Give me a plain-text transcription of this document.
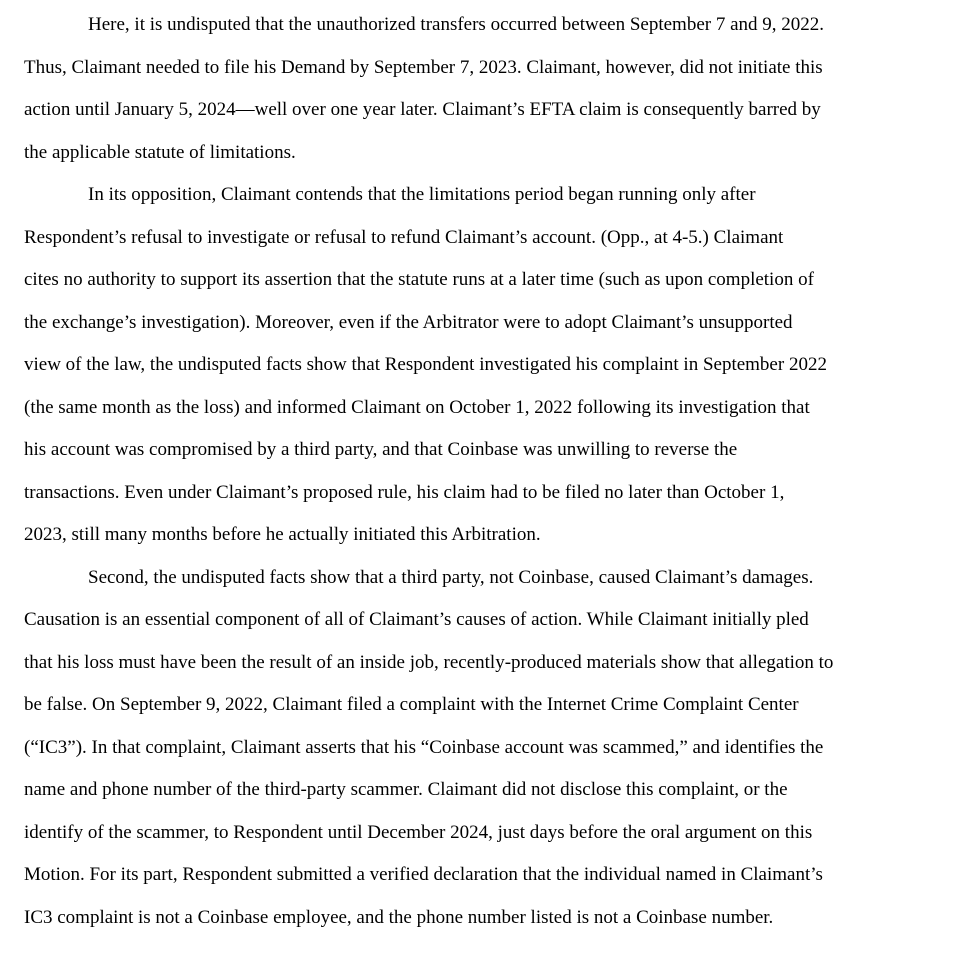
Here, it is undisputed that the unauthorized transfers occurred between September 7 and 9, 2022.
Thus, Claimant needed to file his Demand by September 7, 2023. Claimant, however, did not initiate this
action until January 5, 2024—well over one year later. Claimant’s EFTA claim is consequently barred by
the applicable statute of limitations.

In its opposition, Claimant contends that the limitations period began running only after
Respondent’s refusal to investigate or refusal to refund Claimant’s account. (Opp., at 4-5.) Claimant
cites no authority to support its assertion that the statute runs at a later time (such as upon completion of
the exchange’s investigation). Moreover, even if the Arbitrator were to adopt Claimant’s unsupported
view of the law, the undisputed facts show that Respondent investigated his complaint in September 2022
(the same month as the loss) and informed Claimant on October 1, 2022 following its investigation that
his account was compromised by a third party, and that Coinbase was unwilling to reverse the
transactions. Even under Claimant’s proposed rule, his claim had to be filed no later than October 1,
2023, still many months before he actually initiated this Arbitration.

Second, the undisputed facts show that a third party, not Coinbase, caused Claimant’s damages.
Causation is an essential component of all of Claimant’s causes of action. While Claimant initially pled
that his loss must have been the result of an inside job, recently-produced materials show that allegation to
be false. On September 9, 2022, Claimant filed a complaint with the Internet Crime Complaint Center
(“IC3”). In that complaint, Claimant asserts that his “Coinbase account was scammed,” and identifies the
name and phone number of the third-party scammer. Claimant did not disclose this complaint, or the
identify of the scammer, to Respondent until December 2024, just days before the oral argument on this
Motion. For its part, Respondent submitted a verified declaration that the individual named in Claimant’s
IC3 complaint is not a Coinbase employee, and the phone number listed is not a Coinbase number.
